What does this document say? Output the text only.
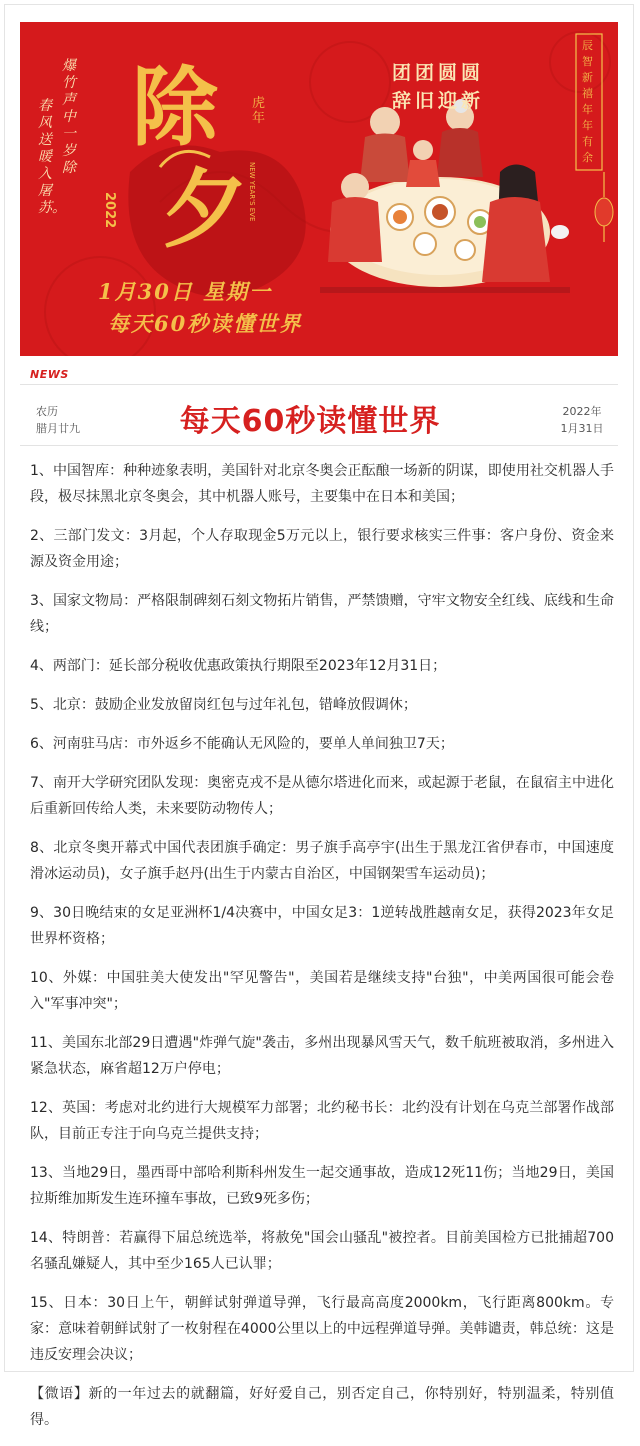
除
夕
虎年
2022	NEW YEAR'S EVE
爆竹声中一岁除
春风送暖入屠苏。
团团圆圆
辞旧迎新
辰智新禧年年有余
1月30日 星期一
每天60秒读懂世界
NEWS
农历
腊月廿九	每天60秒读懂世界	2022年
1月31日

1、中国智库：种种迹象表明，美国针对北京冬奥会正酝酿一场新的阴谋，即使用社交机器人手段，极尽抹黑北京冬奥会，其中机器人账号，主要集中在日本和美国；

2、三部门发文：3月起，个人存取现金5万元以上，银行要求核实三件事：客户身份、资金来源及资金用途；

3、国家文物局：严格限制碑刻石刻文物拓片销售，严禁馈赠，守牢文物安全红线、底线和生命线；

4、两部门：延长部分税收优惠政策执行期限至2023年12月31日；

5、北京：鼓励企业发放留岗红包与过年礼包，错峰放假调休；

6、河南驻马店：市外返乡不能确认无风险的，要单人单间独卫7天；

7、南开大学研究团队发现：奥密克戎不是从德尔塔进化而来，或起源于老鼠，在鼠宿主中进化后重新回传给人类，未来要防动物传人；

8、北京冬奥开幕式中国代表团旗手确定：男子旗手高亭宇(出生于黑龙江省伊春市，中国速度滑冰运动员)，女子旗手赵丹(出生于内蒙古自治区，中国钢架雪车运动员)；

9、30日晚结束的女足亚洲杯1/4决赛中，中国女足3：1逆转战胜越南女足，获得2023年女足世界杯资格；

10、外媒：中国驻美大使发出"罕见警告"，美国若是继续支持"台独"，中美两国很可能会卷入"军事冲突"；

11、美国东北部29日遭遇"炸弹气旋"袭击，多州出现暴风雪天气，数千航班被取消，多州进入紧急状态，麻省超12万户停电；

12、英国：考虑对北约进行大规模军力部署；北约秘书长：北约没有计划在乌克兰部署作战部队，目前正专注于向乌克兰提供支持；

13、当地29日，墨西哥中部哈利斯科州发生一起交通事故，造成12死11伤；当地29日，美国拉斯维加斯发生连环撞车事故，已致9死多伤；

14、特朗普：若赢得下届总统选举，将赦免"国会山骚乱"被控者。目前美国检方已批捕超700名骚乱嫌疑人，其中至少165人已认罪；

15、日本：30日上午，朝鲜试射弹道导弹，飞行最高高度2000km，飞行距离800km。专家：意味着朝鲜试射了一枚射程在4000公里以上的中远程弹道导弹。美韩谴责，韩总统：这是违反安理会决议；

【微语】新的一年过去的就翻篇，好好爱自己，别否定自己，你特别好，特别温柔，特别值得。
